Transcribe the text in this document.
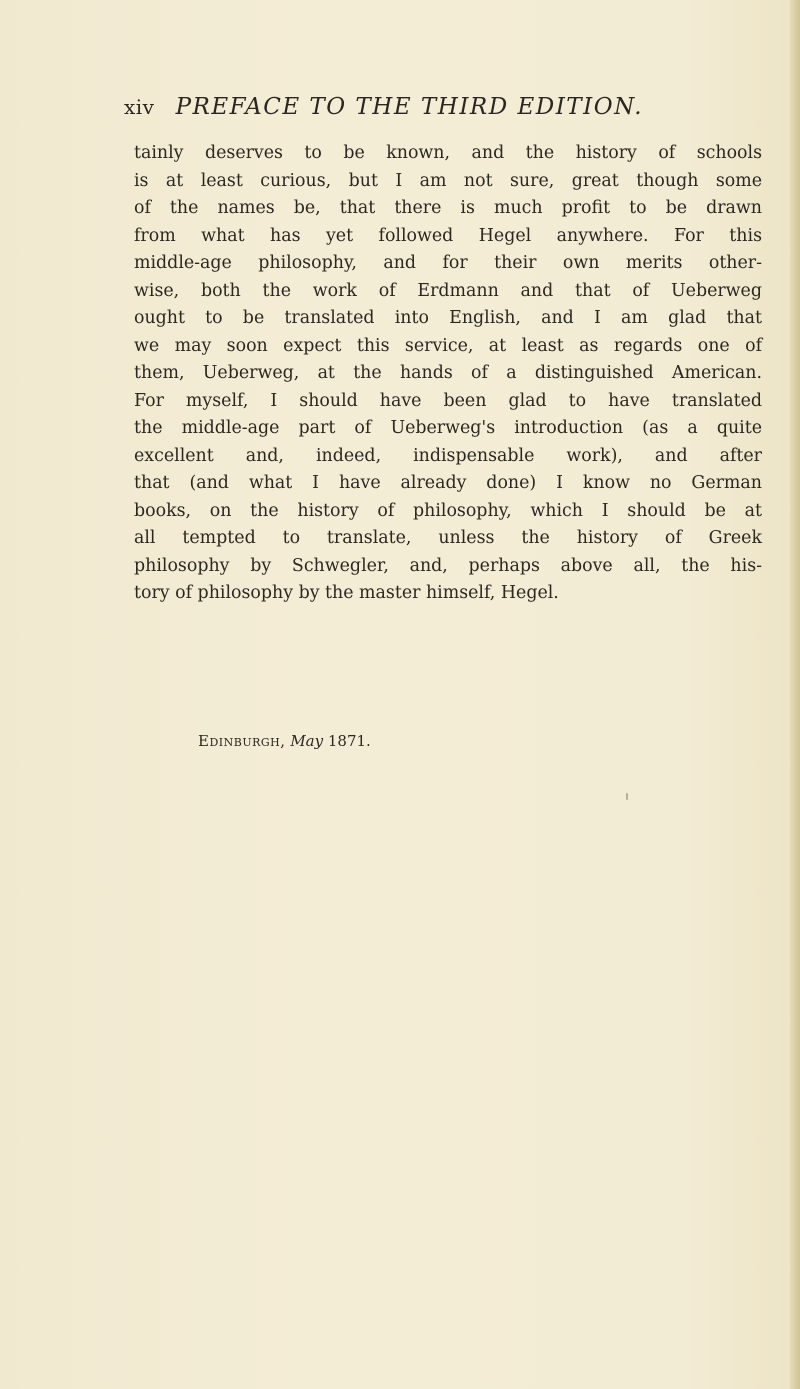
xiv PREFACE TO THE THIRD EDITION.
tainly deserves to be known, and the history of schools
is at least curious, but I am not sure, great though some
of the names be, that there is much profit to be drawn
from what has yet followed Hegel anywhere. For this
middle-age philosophy, and for their own merits other-
wise, both the work of Erdmann and that of Ueberweg
ought to be translated into English, and I am glad that
we may soon expect this service, at least as regards one of
them, Ueberweg, at the hands of a distinguished American.
For myself, I should have been glad to have translated
the middle-age part of Ueberweg's introduction (as a quite
excellent and, indeed, indispensable work), and after
that (and what I have already done) I know no German
books, on the history of philosophy, which I should be at
all tempted to translate, unless the history of Greek
philosophy by Schwegler, and, perhaps above all, the his-
tory of philosophy by the master himself, Hegel.
Edinburgh, May 1871.
